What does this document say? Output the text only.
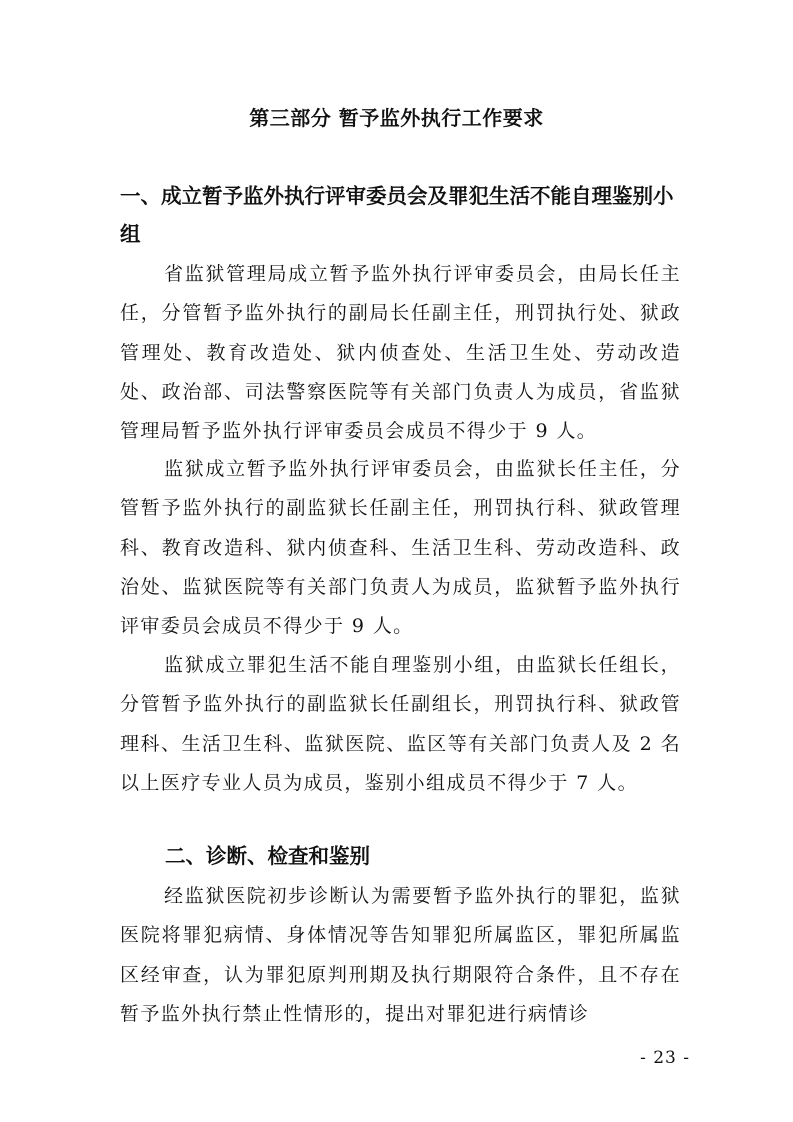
第三部分 暂予监外执行工作要求
一、成立暂予监外执行评审委员会及罪犯生活不能自理鉴别小组
省监狱管理局成立暂予监外执行评审委员会，由局长任主任，分管暂予监外执行的副局长任副主任，刑罚执行处、狱政管理处、教育改造处、狱内侦查处、生活卫生处、劳动改造处、政治部、司法警察医院等有关部门负责人为成员，省监狱管理局暂予监外执行评审委员会成员不得少于 9 人。
监狱成立暂予监外执行评审委员会，由监狱长任主任，分管暂予监外执行的副监狱长任副主任，刑罚执行科、狱政管理科、教育改造科、狱内侦查科、生活卫生科、劳动改造科、政治处、监狱医院等有关部门负责人为成员，监狱暂予监外执行评审委员会成员不得少于 9 人。
监狱成立罪犯生活不能自理鉴别小组，由监狱长任组长，分管暂予监外执行的副监狱长任副组长，刑罚执行科、狱政管理科、生活卫生科、监狱医院、监区等有关部门负责人及 2 名以上医疗专业人员为成员，鉴别小组成员不得少于 7 人。
二、诊断、检查和鉴别
经监狱医院初步诊断认为需要暂予监外执行的罪犯，监狱医院将罪犯病情、身体情况等告知罪犯所属监区，罪犯所属监区经审查，认为罪犯原判刑期及执行期限符合条件，且不存在暂予监外执行禁止性情形的，提出对罪犯进行病情诊
- 23 -
